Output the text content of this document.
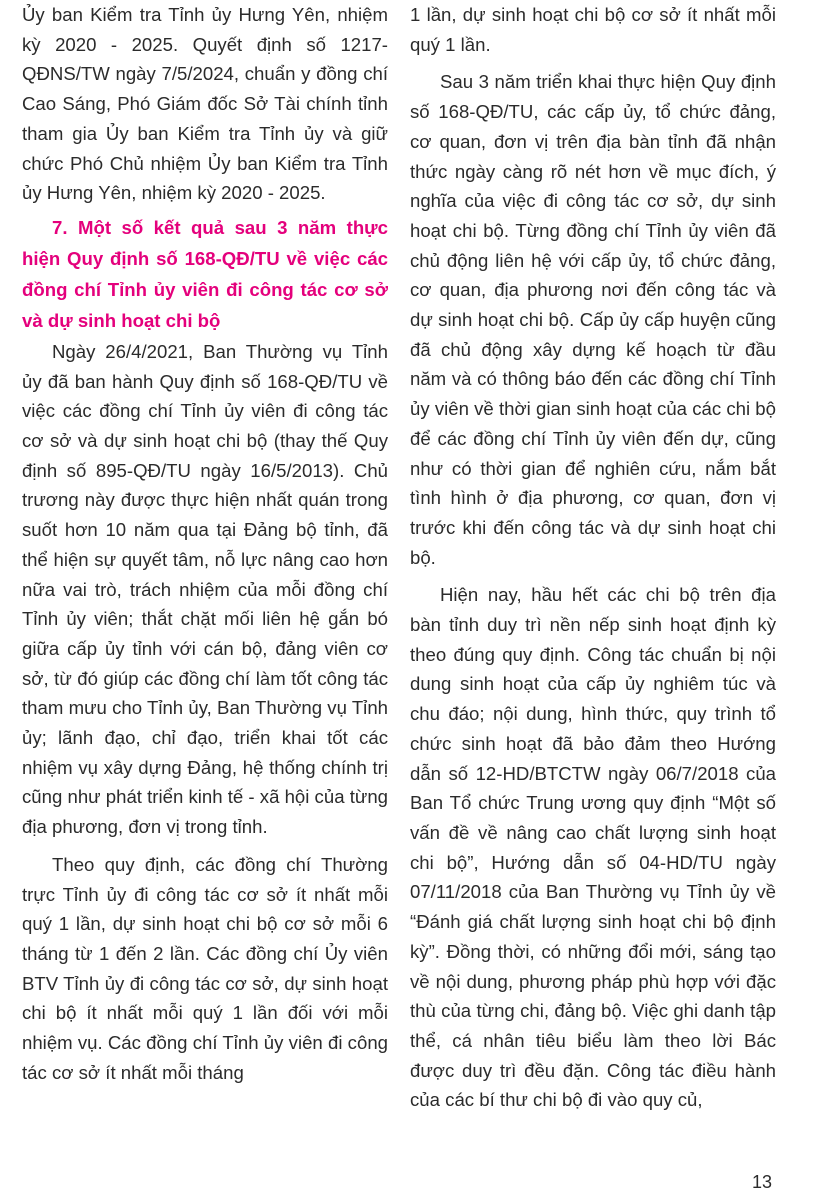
Ủy ban Kiểm tra Tỉnh ủy Hưng Yên, nhiệm kỳ 2020 - 2025. Quyết định số 1217-QĐNS/TW ngày 7/5/2024, chuẩn y đồng chí Cao Sáng, Phó Giám đốc Sở Tài chính tỉnh tham gia Ủy ban Kiểm tra Tỉnh ủy và giữ chức Phó Chủ nhiệm Ủy ban Kiểm tra Tỉnh ủy Hưng Yên, nhiệm kỳ 2020 - 2025.

7. Một số kết quả sau 3 năm thực hiện Quy định số 168-QĐ/TU về việc các đồng chí Tỉnh ủy viên đi công tác cơ sở và dự sinh hoạt chi bộ

Ngày 26/4/2021, Ban Thường vụ Tỉnh ủy đã ban hành Quy định số 168-QĐ/TU về việc các đồng chí Tỉnh ủy viên đi công tác cơ sở và dự sinh hoạt chi bộ (thay thế Quy định số 895-QĐ/TU ngày 16/5/2013). Chủ trương này được thực hiện nhất quán trong suốt hơn 10 năm qua tại Đảng bộ tỉnh, đã thể hiện sự quyết tâm, nỗ lực nâng cao hơn nữa vai trò, trách nhiệm của mỗi đồng chí Tỉnh ủy viên; thắt chặt mối liên hệ gắn bó giữa cấp ủy tỉnh với cán bộ, đảng viên cơ sở, từ đó giúp các đồng chí làm tốt công tác tham mưu cho Tỉnh ủy, Ban Thường vụ Tỉnh ủy; lãnh đạo, chỉ đạo, triển khai tốt các nhiệm vụ xây dựng Đảng, hệ thống chính trị cũng như phát triển kinh tế - xã hội của từng địa phương, đơn vị trong tỉnh.

Theo quy định, các đồng chí Thường trực Tỉnh ủy đi công tác cơ sở ít nhất mỗi quý 1 lần, dự sinh hoạt chi bộ cơ sở mỗi 6 tháng từ 1 đến 2 lần. Các đồng chí Ủy viên BTV Tỉnh ủy đi công tác cơ sở, dự sinh hoạt chi bộ ít nhất mỗi quý 1 lần đối với mỗi nhiệm vụ. Các đồng chí Tỉnh ủy viên đi công tác cơ sở ít nhất mỗi tháng

1 lần, dự sinh hoạt chi bộ cơ sở ít nhất mỗi quý 1 lần.

Sau 3 năm triển khai thực hiện Quy định số 168-QĐ/TU, các cấp ủy, tổ chức đảng, cơ quan, đơn vị trên địa bàn tỉnh đã nhận thức ngày càng rõ nét hơn về mục đích, ý nghĩa của việc đi công tác cơ sở, dự sinh hoạt chi bộ. Từng đồng chí Tỉnh ủy viên đã chủ động liên hệ với cấp ủy, tổ chức đảng, cơ quan, địa phương nơi đến công tác và dự sinh hoạt chi bộ. Cấp ủy cấp huyện cũng đã chủ động xây dựng kế hoạch từ đầu năm và có thông báo đến các đồng chí Tỉnh ủy viên về thời gian sinh hoạt của các chi bộ để các đồng chí Tỉnh ủy viên đến dự, cũng như có thời gian để nghiên cứu, nắm bắt tình hình ở địa phương, cơ quan, đơn vị trước khi đến công tác và dự sinh hoạt chi bộ.

Hiện nay, hầu hết các chi bộ trên địa bàn tỉnh duy trì nền nếp sinh hoạt định kỳ theo đúng quy định. Công tác chuẩn bị nội dung sinh hoạt của cấp ủy nghiêm túc và chu đáo; nội dung, hình thức, quy trình tổ chức sinh hoạt đã bảo đảm theo Hướng dẫn số 12-HD/BTCTW ngày 06/7/2018 của Ban Tổ chức Trung ương quy định “Một số vấn đề về nâng cao chất lượng sinh hoạt chi bộ”, Hướng dẫn số 04-HD/TU ngày 07/11/2018 của Ban Thường vụ Tỉnh ủy về “Đánh giá chất lượng sinh hoạt chi bộ định kỳ”. Đồng thời, có những đổi mới, sáng tạo về nội dung, phương pháp phù hợp với đặc thù của từng chi, đảng bộ. Việc ghi danh tập thể, cá nhân tiêu biểu làm theo lời Bác được duy trì đều đặn. Công tác điều hành của các bí thư chi bộ đi vào quy củ,

13
